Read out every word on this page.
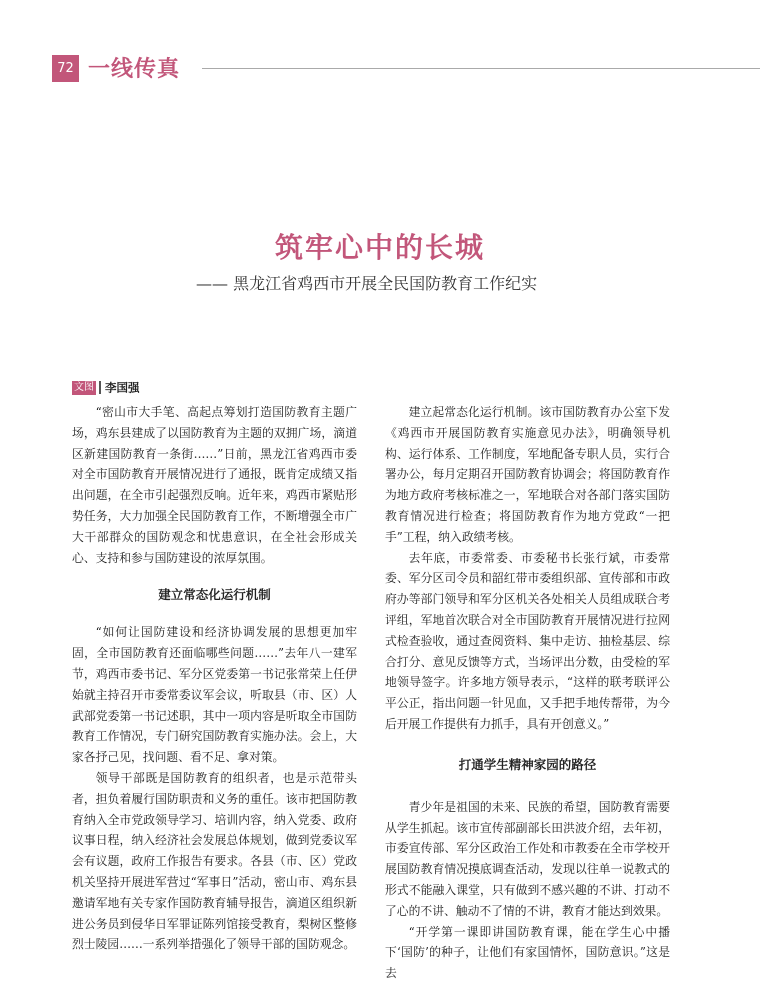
72 一线传真
筑牢心中的长城
—— 黑龙江省鸡西市开展全民国防教育工作纪实
文图 李国强

“密山市大手笔、高起点筹划打造国防教育主题广场，鸡东县建成了以国防教育为主题的双拥广场，滴道区新建国防教育一条街……”日前，黑龙江省鸡西市委对全市国防教育开展情况进行了通报，既肯定成绩又指出问题，在全市引起强烈反响。近年来，鸡西市紧贴形势任务，大力加强全民国防教育工作，不断增强全市广大干部群众的国防观念和忧患意识，在全社会形成关心、支持和参与国防建设的浓厚氛围。

建立常态化运行机制

“如何让国防建设和经济协调发展的思想更加牢固，全市国防教育还面临哪些问题……”去年八一建军节，鸡西市委书记、军分区党委第一书记张常荣上任伊始就主持召开市委常委议军会议，听取县（市、区）人武部党委第一书记述职，其中一项内容是听取全市国防教育工作情况，专门研究国防教育实施办法。会上，大家各抒己见，找问题、看不足、拿对策。

领导干部既是国防教育的组织者，也是示范带头者，担负着履行国防职责和义务的重任。该市把国防教育纳入全市党政领导学习、培训内容，纳入党委、政府议事日程，纳入经济社会发展总体规划，做到党委议军会有议题，政府工作报告有要求。各县（市、区）党政机关坚持开展进军营过“军事日”活动，密山市、鸡东县邀请军地有关专家作国防教育辅导报告，滴道区组织新进公务员到侵华日军罪证陈列馆接受教育，梨树区整修烈士陵园……一系列举措强化了领导干部的国防观念。

建立起常态化运行机制。该市国防教育办公室下发《鸡西市开展国防教育实施意见办法》，明确领导机构、运行体系、工作制度，军地配备专职人员，实行合署办公，每月定期召开国防教育协调会；将国防教育作为地方政府考核标准之一，军地联合对各部门落实国防教育情况进行检查；将国防教育作为地方党政“一把手”工程，纳入政绩考核。

去年底，市委常委、市委秘书长张行斌，市委常委、军分区司令员和韶红带市委组织部、宣传部和市政府办等部门领导和军分区机关各处相关人员组成联合考评组，军地首次联合对全市国防教育开展情况进行拉网式检查验收，通过查阅资料、集中走访、抽检基层、综合打分、意见反馈等方式，当场评出分数，由受检的军地领导签字。许多地方领导表示，“这样的联考联评公平公正，指出问题一针见血，又手把手地传帮带，为今后开展工作提供有力抓手，具有开创意义。”

打通学生精神家园的路径

青少年是祖国的未来、民族的希望，国防教育需要从学生抓起。该市宣传部副部长田洪波介绍，去年初，市委宣传部、军分区政治工作处和市教委在全市学校开展国防教育情况摸底调查活动，发现以往单一说教式的形式不能融入课堂，只有做到不感兴趣的不讲、打动不了心的不讲、触动不了情的不讲，教育才能达到效果。

“开学第一课即讲国防教育课，能在学生心中播下‘国防’的种子，让他们有家国情怀，国防意识。”这是去
